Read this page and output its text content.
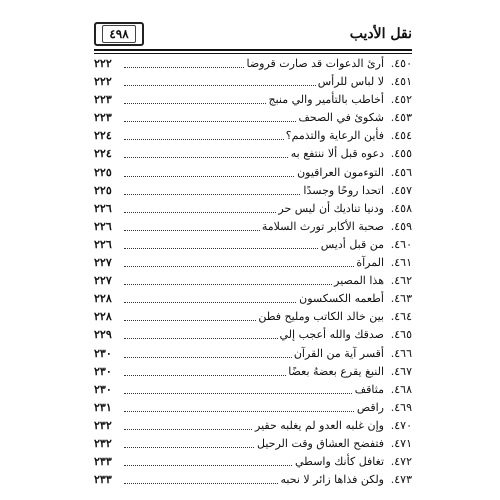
٤٩٨	نقل الأديب
٤٥٠.
أرئ الدعوات قد صارت قروضا
٢٢٢
٤٥١.
لا لباس للرأس
٢٢٢
٤٥٢.
أخاطب بالتأمير والي منبج
٢٢٣
٤٥٣.
شكوئ في الصحف
٢٢٣
٤٥٤.
فأين الرعاية والتذمم؟
٢٢٤
٤٥٥.
دعوه قبل ألا ننتفع به
٢٢٤
٤٥٦.
التوءمون العراقيون
٢٢٥
٤٥٧.
اتحدا روحًا وجسدًا
٢٢٥
٤٥٨.
ودنيا تناديك أن ليس حر
٢٢٦
٤٥٩.
صحبة الأكابر تورث السلامة
٢٢٦
٤٦٠.
من قبل أديس
٢٢٦
٤٦١.
المرآة
٢٢٧
٤٦٢.
هذا المصير
٢٢٧
٤٦٣.
أطعمه الكسكسون
٢٢٨
٤٦٤.
بين خالد الكاتب ومليح فطن
٢٢٨
٤٦٥.
صدقك والله أعجب إلي
٢٢٩
٤٦٦.
أقسر آية من القرآن
٢٣٠
٤٦٧.
النبغ يقرع بعضهُ بعضًا
٢٣٠
٤٦٨.
مثاقف
٢٣٠
٤٦٩.
راقص
٢٣١
٤٧٠.
وإن غلبه العدو لم يغلبه حقير
٢٣٢
٤٧١.
فتفضح العشاق وقت الرحيل
٢٣٢
٤٧٢.
تغافل كأنك واسطي
٢٣٣
٤٧٣.
ولكن فذاها زائر لا نحبه
٢٣٣
